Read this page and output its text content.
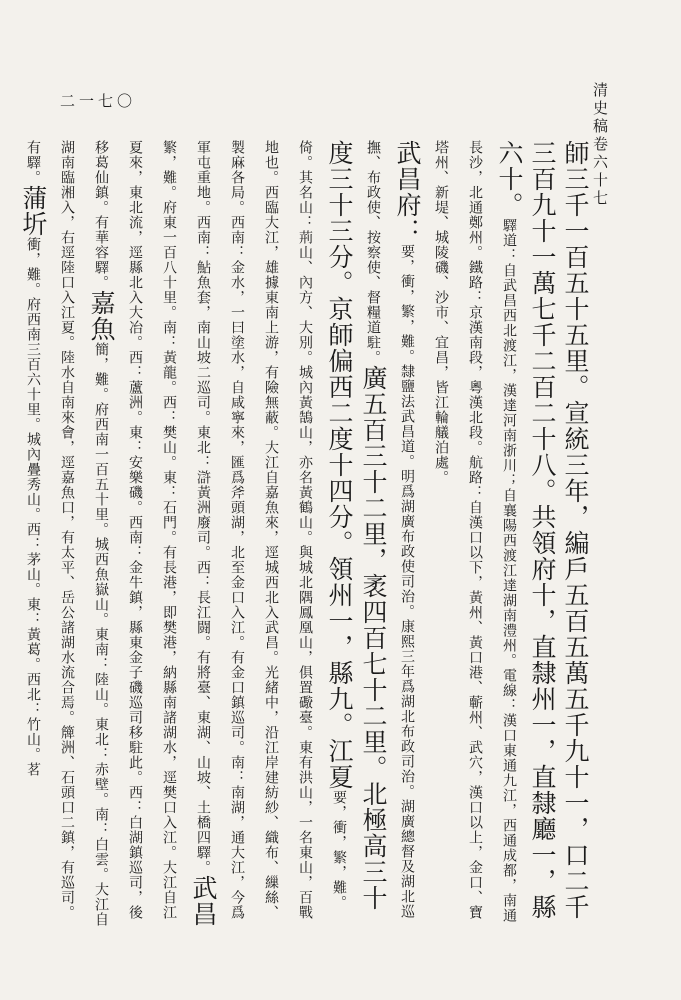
清史稿卷六十七
二一七〇

師三千一百五十五里。宣統三年，編戶五百五萬五千九十一，口二千三百九十一萬七千二百二十八。共領府十，直隸州一，直隸廳一，縣六十。驛道：自武昌西北渡江，漢達河南浙川；自襄陽西渡江達湖南澧州。電線：漢口東通九江，西通成都，南通長沙，北通鄭州。鐵路：京漢南段，粵漢北段。航路：自漢口以下，黃州、黃口港、蘄州、武穴，漢口以上，金口、寶塔州、新堤、城陵磯、沙市、宜昌，皆江輪艤泊處。

武昌府：要，衝，繁，難。隸鹽法武昌道。明爲湖廣布政使司治。康熙三年爲湖北布政司治。湖廣總督及湖北巡撫、布政使、按察使、督糧道駐。廣五百三十二里，袤四百七十二里。北極高三十度三十三分。京師偏西二度十四分。領州一，縣九。江夏要，衝，繁，難。倚。其名山：荊山、內方、大別。城內黃鵠山，亦名黃鶴山。與城北隅鳳凰山，俱置礮臺。東有洪山，一名東山，百戰地也。西臨大江，雄據東南上游，有險無蔽。大江自嘉魚來，逕城西北入武昌。光緒中，沿江岸建紡紗、織布、繅絲、製麻各局。西南：金水，一曰塗水，自咸寧來，匯爲斧頭湖，北至金口入江。有金口鎮巡司。南：南湖，通大江，今爲軍屯重地。西南：鮎魚套，南山坡二巡司。東北：滸黃洲廢司。西：長江闘。有將臺、東湖、山坡、土橋四驛。武昌繁，難。府東一百八十里。南：黃龍。西：樊山。東：石門。有長港，即樊港，納縣南諸湖水，逕樊口入江。大江自江夏來，東北流，逕縣北入大冶。西：蘆洲。東：安樂磯。西南：金牛鎮，縣東金子磯巡司移駐此。西：白湖鎮巡司，後移葛仙鎮。有華容驛。嘉魚簡，難。府西南一百五十里。城西魚嶽山。東南：陸山。東北：赤壁。南：白雲。大江自湖南臨湘入，右逕陸口入江夏。陸水自南來會，逕嘉魚口，有太平、岳公諸湖水流合焉。簰洲、石頭口二鎮，有巡司。有驛。蒲圻衝，難。府西南三百六十里。城內疊秀山。西：茅山。東：黃葛。西北：竹山。茗
